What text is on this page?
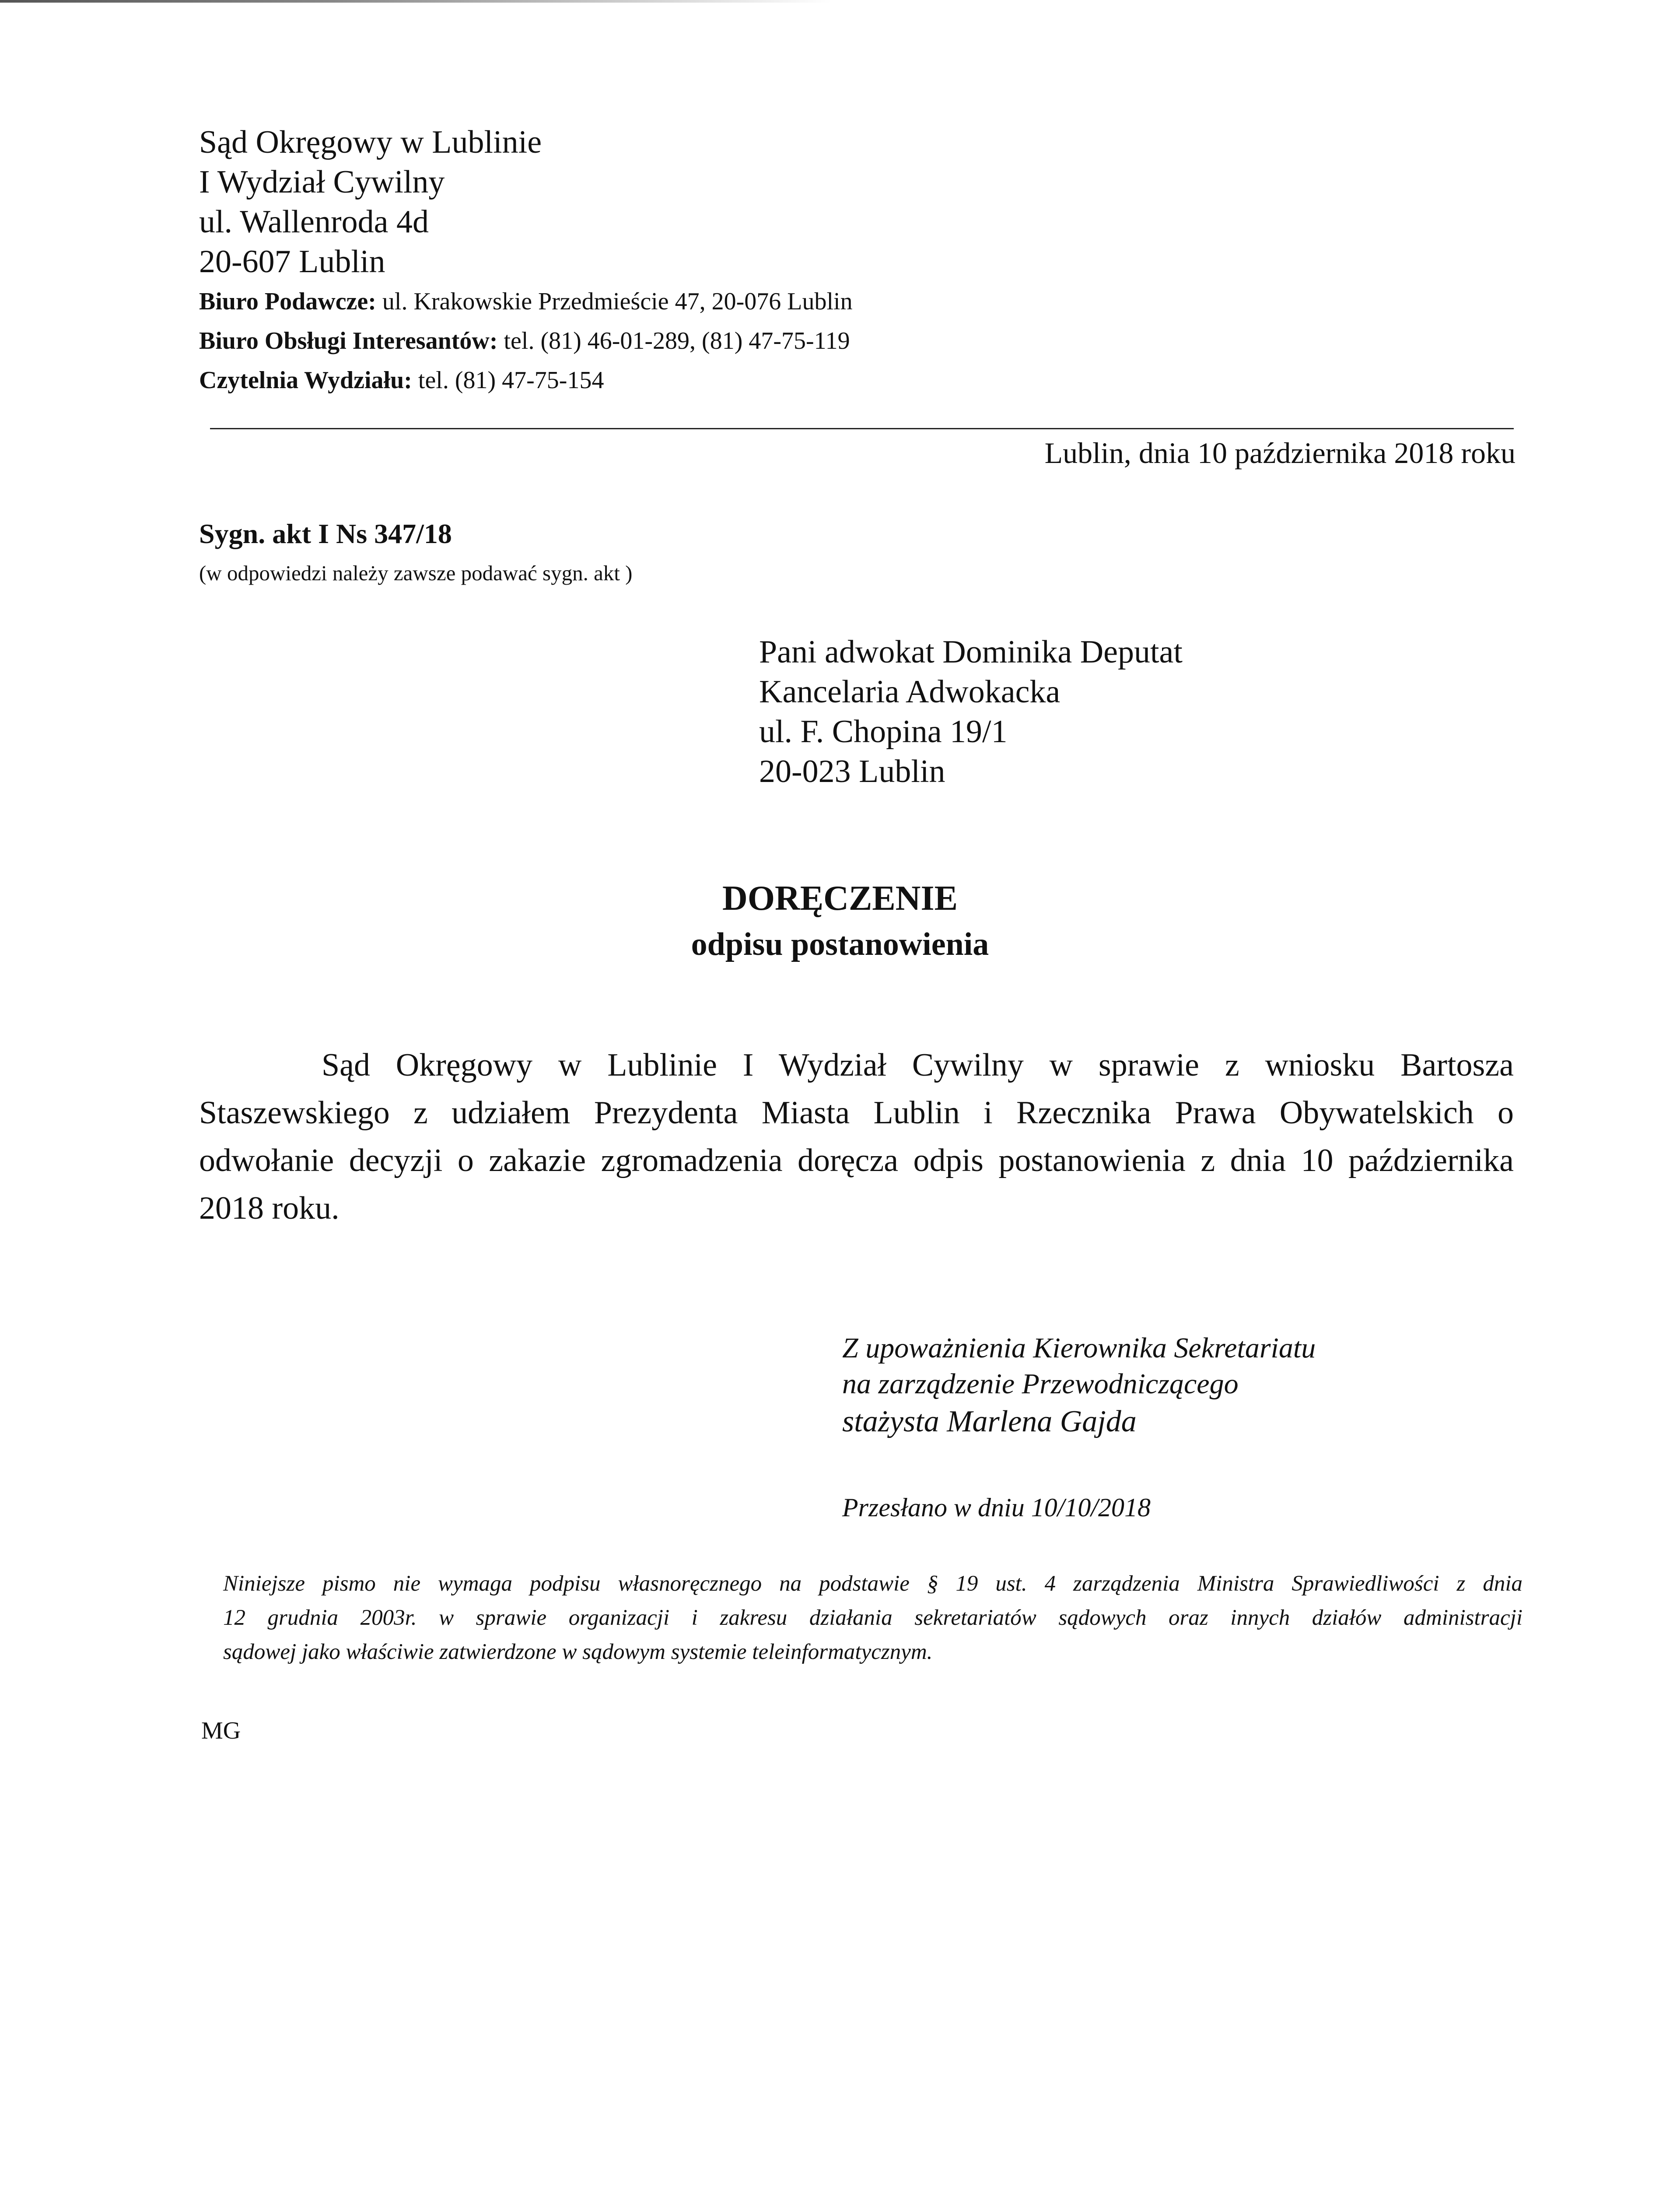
Sąd Okręgowy w Lublinie
I Wydział Cywilny
ul. Wallenroda 4d
20-607 Lublin
Biuro Podawcze: ul. Krakowskie Przedmieście 47, 20-076 Lublin
Biuro Obsługi Interesantów: tel. (81) 46-01-289, (81) 47-75-119
Czytelnia Wydziału: tel. (81) 47-75-154
Lublin, dnia 10 października 2018 roku
Sygn. akt I Ns 347/18
(w odpowiedzi należy zawsze podawać sygn. akt )
Pani adwokat Dominika Deputat
Kancelaria Adwokacka
ul. F. Chopina 19/1
20-023 Lublin
DORĘCZENIE
odpisu postanowienia
Sąd Okręgowy w Lublinie I Wydział Cywilny w sprawie z wniosku Bartosza
Staszewskiego z udziałem Prezydenta Miasta Lublin i Rzecznika Prawa Obywatelskich o
odwołanie decyzji o zakazie zgromadzenia doręcza odpis postanowienia z dnia 10 października
2018 roku.
Z upoważnienia Kierownika Sekretariatu
na zarządzenie Przewodniczącego
stażysta Marlena Gajda
Przesłano w dniu 10/10/2018
Niniejsze pismo nie wymaga podpisu własnoręcznego na podstawie § 19 ust. 4 zarządzenia Ministra Sprawiedliwości z dnia
12 grudnia 2003r. w sprawie organizacji i zakresu działania sekretariatów sądowych oraz innych działów administracji
sądowej jako właściwie zatwierdzone w sądowym systemie teleinformatycznym.
MG
